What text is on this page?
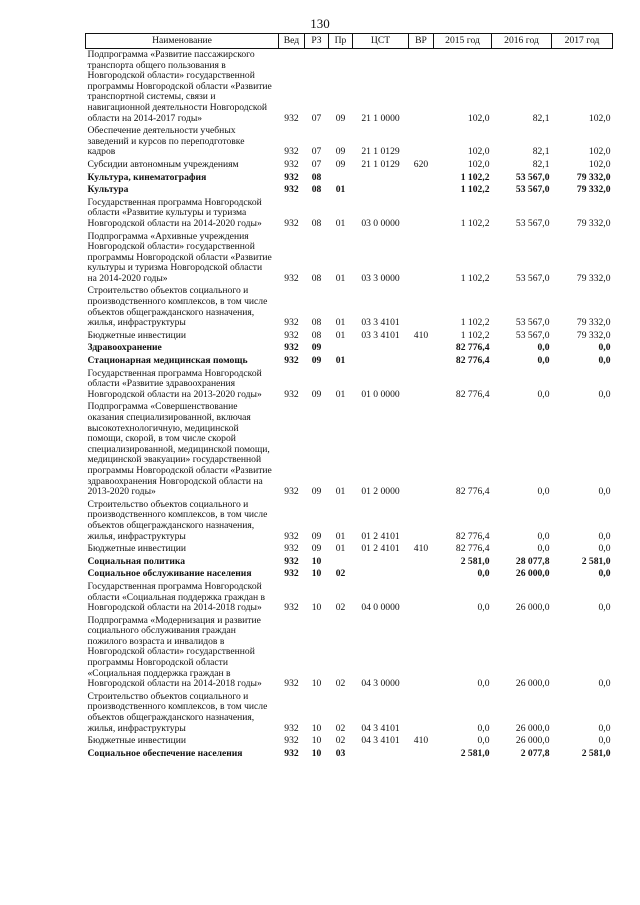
130
Наименование	Вед	РЗ	Пр	ЦСТ	ВР	2015 год	2016 год	2017 год
Подпрограмма «Развитие пассажирского транспорта общего пользования в Новгородской области» государственной программы Новгородской области «Развитие транспортной системы, связи и навигационной деятельности Новгородской области на 2014-2017 годы»	932	07	09	21 1 0000		102,0	82,1	102,0
Обеспечение деятельности учебных заведений и курсов по переподготовке кадров	932	07	09	21 1 0129		102,0	82,1	102,0
Субсидии автономным учреждениям	932	07	09	21 1 0129	620	102,0	82,1	102,0
Культура, кинематография	932	08				1 102,2	53 567,0	79 332,0
Культура	932	08	01			1 102,2	53 567,0	79 332,0
Государственная программа Новгородской области «Развитие культуры и туризма Новгородской области на 2014-2020 годы»	932	08	01	03 0 0000		1 102,2	53 567,0	79 332,0
Подпрограмма «Архивные учреждения Новгородской области» государственной программы Новгородской области «Развитие культуры и туризма Новгородской области на 2014-2020 годы»	932	08	01	03 3 0000		1 102,2	53 567,0	79 332,0
Строительство объектов социального и производственного комплексов, в том числе объектов общегражданского назначения, жилья, инфраструктуры	932	08	01	03 3 4101		1 102,2	53 567,0	79 332,0
Бюджетные инвестиции	932	08	01	03 3 4101	410	1 102,2	53 567,0	79 332,0
Здравоохранение	932	09				82 776,4	0,0	0,0
Стационарная медицинская помощь	932	09	01			82 776,4	0,0	0,0
Государственная программа Новгородской области «Развитие здравоохранения Новгородской области на 2013-2020 годы»	932	09	01	01 0 0000		82 776,4	0,0	0,0
Подпрограмма «Совершенствование оказания специализированной, включая высокотехнологичную, медицинской помощи, скорой, в том числе скорой специализированной, медицинской помощи, медицинской эвакуации» государственной программы Новгородской области «Развитие здравоохранения Новгородской области на 2013-2020 годы»	932	09	01	01 2 0000		82 776,4	0,0	0,0
Строительство объектов социального и производственного комплексов, в том числе объектов общегражданского назначения, жилья, инфраструктуры	932	09	01	01 2 4101		82 776,4	0,0	0,0
Бюджетные инвестиции	932	09	01	01 2 4101	410	82 776,4	0,0	0,0
Социальная политика	932	10				2 581,0	28 077,8	2 581,0
Социальное обслуживание населения	932	10	02			0,0	26 000,0	0,0
Государственная программа Новгородской области «Социальная поддержка граждан в Новгородской области на 2014-2018 годы»	932	10	02	04 0 0000		0,0	26 000,0	0,0
Подпрограмма «Модернизация и развитие социального обслуживания граждан пожилого возраста и инвалидов в Новгородской области» государственной программы Новгородской области «Социальная поддержка граждан в Новгородской области на 2014-2018 годы»	932	10	02	04 3 0000		0,0	26 000,0	0,0
Строительство объектов социального и производственного комплексов, в том числе объектов общегражданского назначения, жилья, инфраструктуры	932	10	02	04 3 4101		0,0	26 000,0	0,0
Бюджетные инвестиции	932	10	02	04 3 4101	410	0,0	26 000,0	0,0
Социальное обеспечение населения	932	10	03			2 581,0	2 077,8	2 581,0
